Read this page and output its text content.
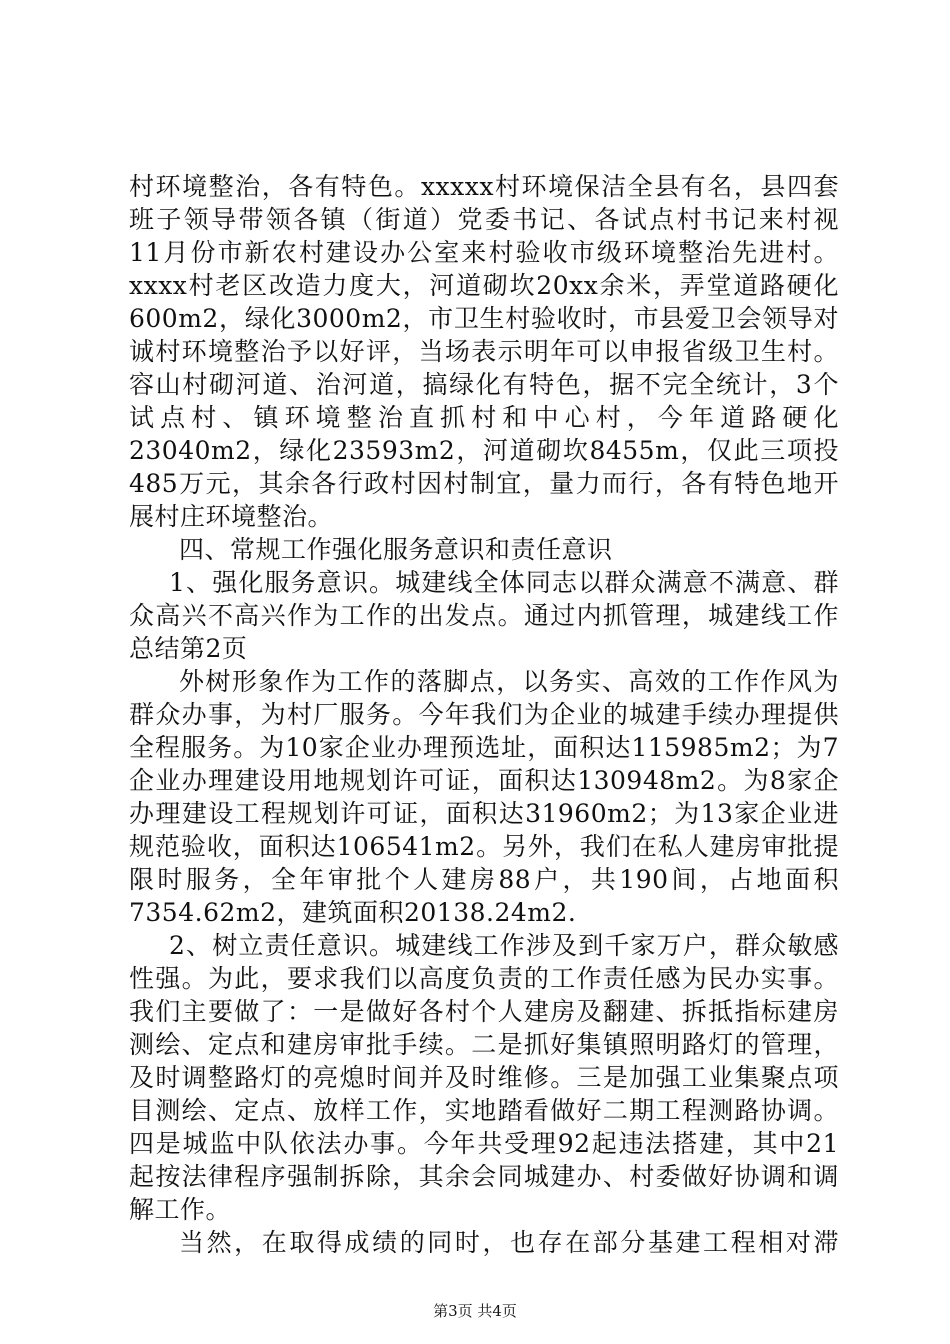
村环境整治，各有特色。xxxxx村环境保洁全县有名，县四套
班子领导带领各镇（街道）党委书记、各试点村书记来村视
11月份市新农村建设办公室来村验收市级环境整治先进村。
xxxx村老区改造力度大，河道砌坎20xx余米，弄堂道路硬化
600m2，绿化3000m2，市卫生村验收时，市县爱卫会领导对
诚村环境整治予以好评，当场表示明年可以申报省级卫生村。
容山村砌河道、治河道，搞绿化有特色，据不完全统计，3个
试点村、镇环境整治直抓村和中心村，今年道路硬化
23040m2，绿化23593m2，河道砌坎8455m，仅此三项投
485万元，其余各行政村因村制宜，量力而行，各有特色地开
展村庄环境整治。
四、常规工作强化服务意识和责任意识
1、强化服务意识。城建线全体同志以群众满意不满意、群
众高兴不高兴作为工作的出发点。通过内抓管理，城建线工作
总结第2页
外树形象作为工作的落脚点，以务实、高效的工作作风为
群众办事，为村厂服务。今年我们为企业的城建手续办理提供
全程服务。为10家企业办理预选址，面积达115985m2；为7
企业办理建设用地规划许可证，面积达130948m2。为8家企
办理建设工程规划许可证，面积达31960m2；为13家企业进
规范验收，面积达106541m2。另外，我们在私人建房审批提
限时服务，全年审批个人建房88户，共190间，占地面积
7354.62m2，建筑面积20138.24m2.
2、树立责任意识。城建线工作涉及到千家万户，群众敏感
性强。为此，要求我们以高度负责的工作责任感为民办实事。
我们主要做了：一是做好各村个人建房及翻建、拆抵指标建房
测绘、定点和建房审批手续。二是抓好集镇照明路灯的管理，
及时调整路灯的亮熄时间并及时维修。三是加强工业集聚点项
目测绘、定点、放样工作，实地踏看做好二期工程测路协调。
四是城监中队依法办事。今年共受理92起违法搭建，其中21
起按法律程序强制拆除，其余会同城建办、村委做好协调和调
解工作。
当然，在取得成绩的同时，也存在部分基建工程相对滞
第3页 共4页
